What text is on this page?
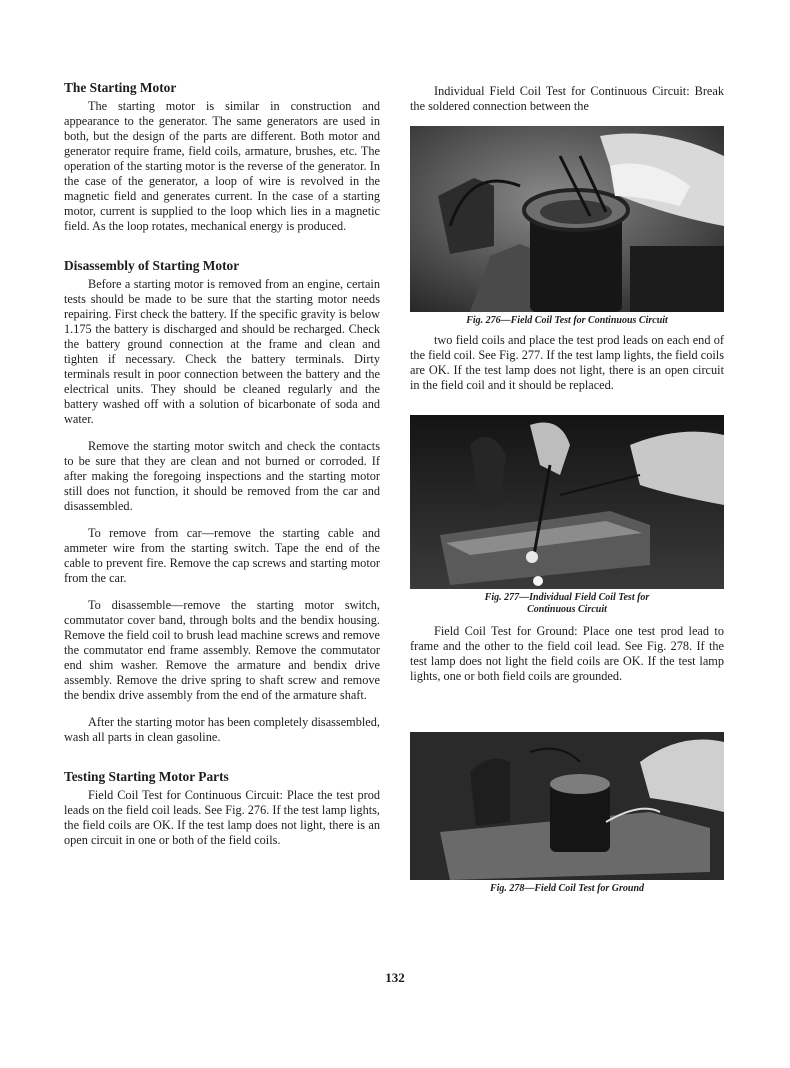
The Starting Motor

The starting motor is similar in construction and appearance to the generator. The same generators are used in both, but the design of the parts are different. Both motor and generator require frame, field coils, armature, brushes, etc. The operation of the starting motor is the reverse of the generator. In the case of the generator, a loop of wire is revolved in the magnetic field and generates current. In the case of a starting motor, current is supplied to the loop which lies in a magnetic field. As the loop rotates, mechanical energy is produced.

Disassembly of Starting Motor

Before a starting motor is removed from an engine, certain tests should be made to be sure that the starting motor needs repairing. First check the battery. If the specific gravity is below 1.175 the battery is discharged and should be recharged. Check the battery ground connection at the frame and clean and tighten if necessary. Check the battery terminals. Dirty terminals result in poor connection between the battery and the electrical units. They should be cleaned regularly and the battery washed off with a solution of bicarbonate of soda and water.

Remove the starting motor switch and check the contacts to be sure that they are clean and not burned or corroded. If after making the foregoing inspections and the starting motor still does not function, it should be removed from the car and disassembled.

To remove from car—remove the starting cable and ammeter wire from the starting switch. Tape the end of the cable to prevent fire. Remove the cap screws and starting motor from the car.

To disassemble—remove the starting motor switch, commutator cover band, through bolts and the bendix housing. Remove the field coil to brush lead machine screws and remove the commutator end frame assembly. Remove the commutator end shim washer. Remove the armature and bendix drive assembly. Remove the drive spring to shaft screw and remove the bendix drive assembly from the end of the armature shaft.

After the starting motor has been completely disassembled, wash all parts in clean gasoline.

Testing Starting Motor Parts

Field Coil Test for Continuous Circuit: Place the test prod leads on the field coil leads. See Fig. 276. If the test lamp lights, the field coils are OK. If the test lamp does not light, there is an open circuit in one or both of the field coils.

Individual Field Coil Test for Continuous Circuit: Break the soldered connection between the

Fig. 276—Field Coil Test for Continuous Circuit

two field coils and place the test prod leads on each end of the field coil. See Fig. 277. If the test lamp lights, the field coils are OK. If the test lamp does not light, there is an open circuit in the field coil and it should be replaced.

Fig. 277—Individual Field Coil Test for
Continuous Circuit

Field Coil Test for Ground: Place one test prod lead to frame and the other to the field coil lead. See Fig. 278. If the test lamp does not light the field coils are OK. If the test lamp lights, one or both field coils are grounded.

Fig. 278—Field Coil Test for Ground
132
